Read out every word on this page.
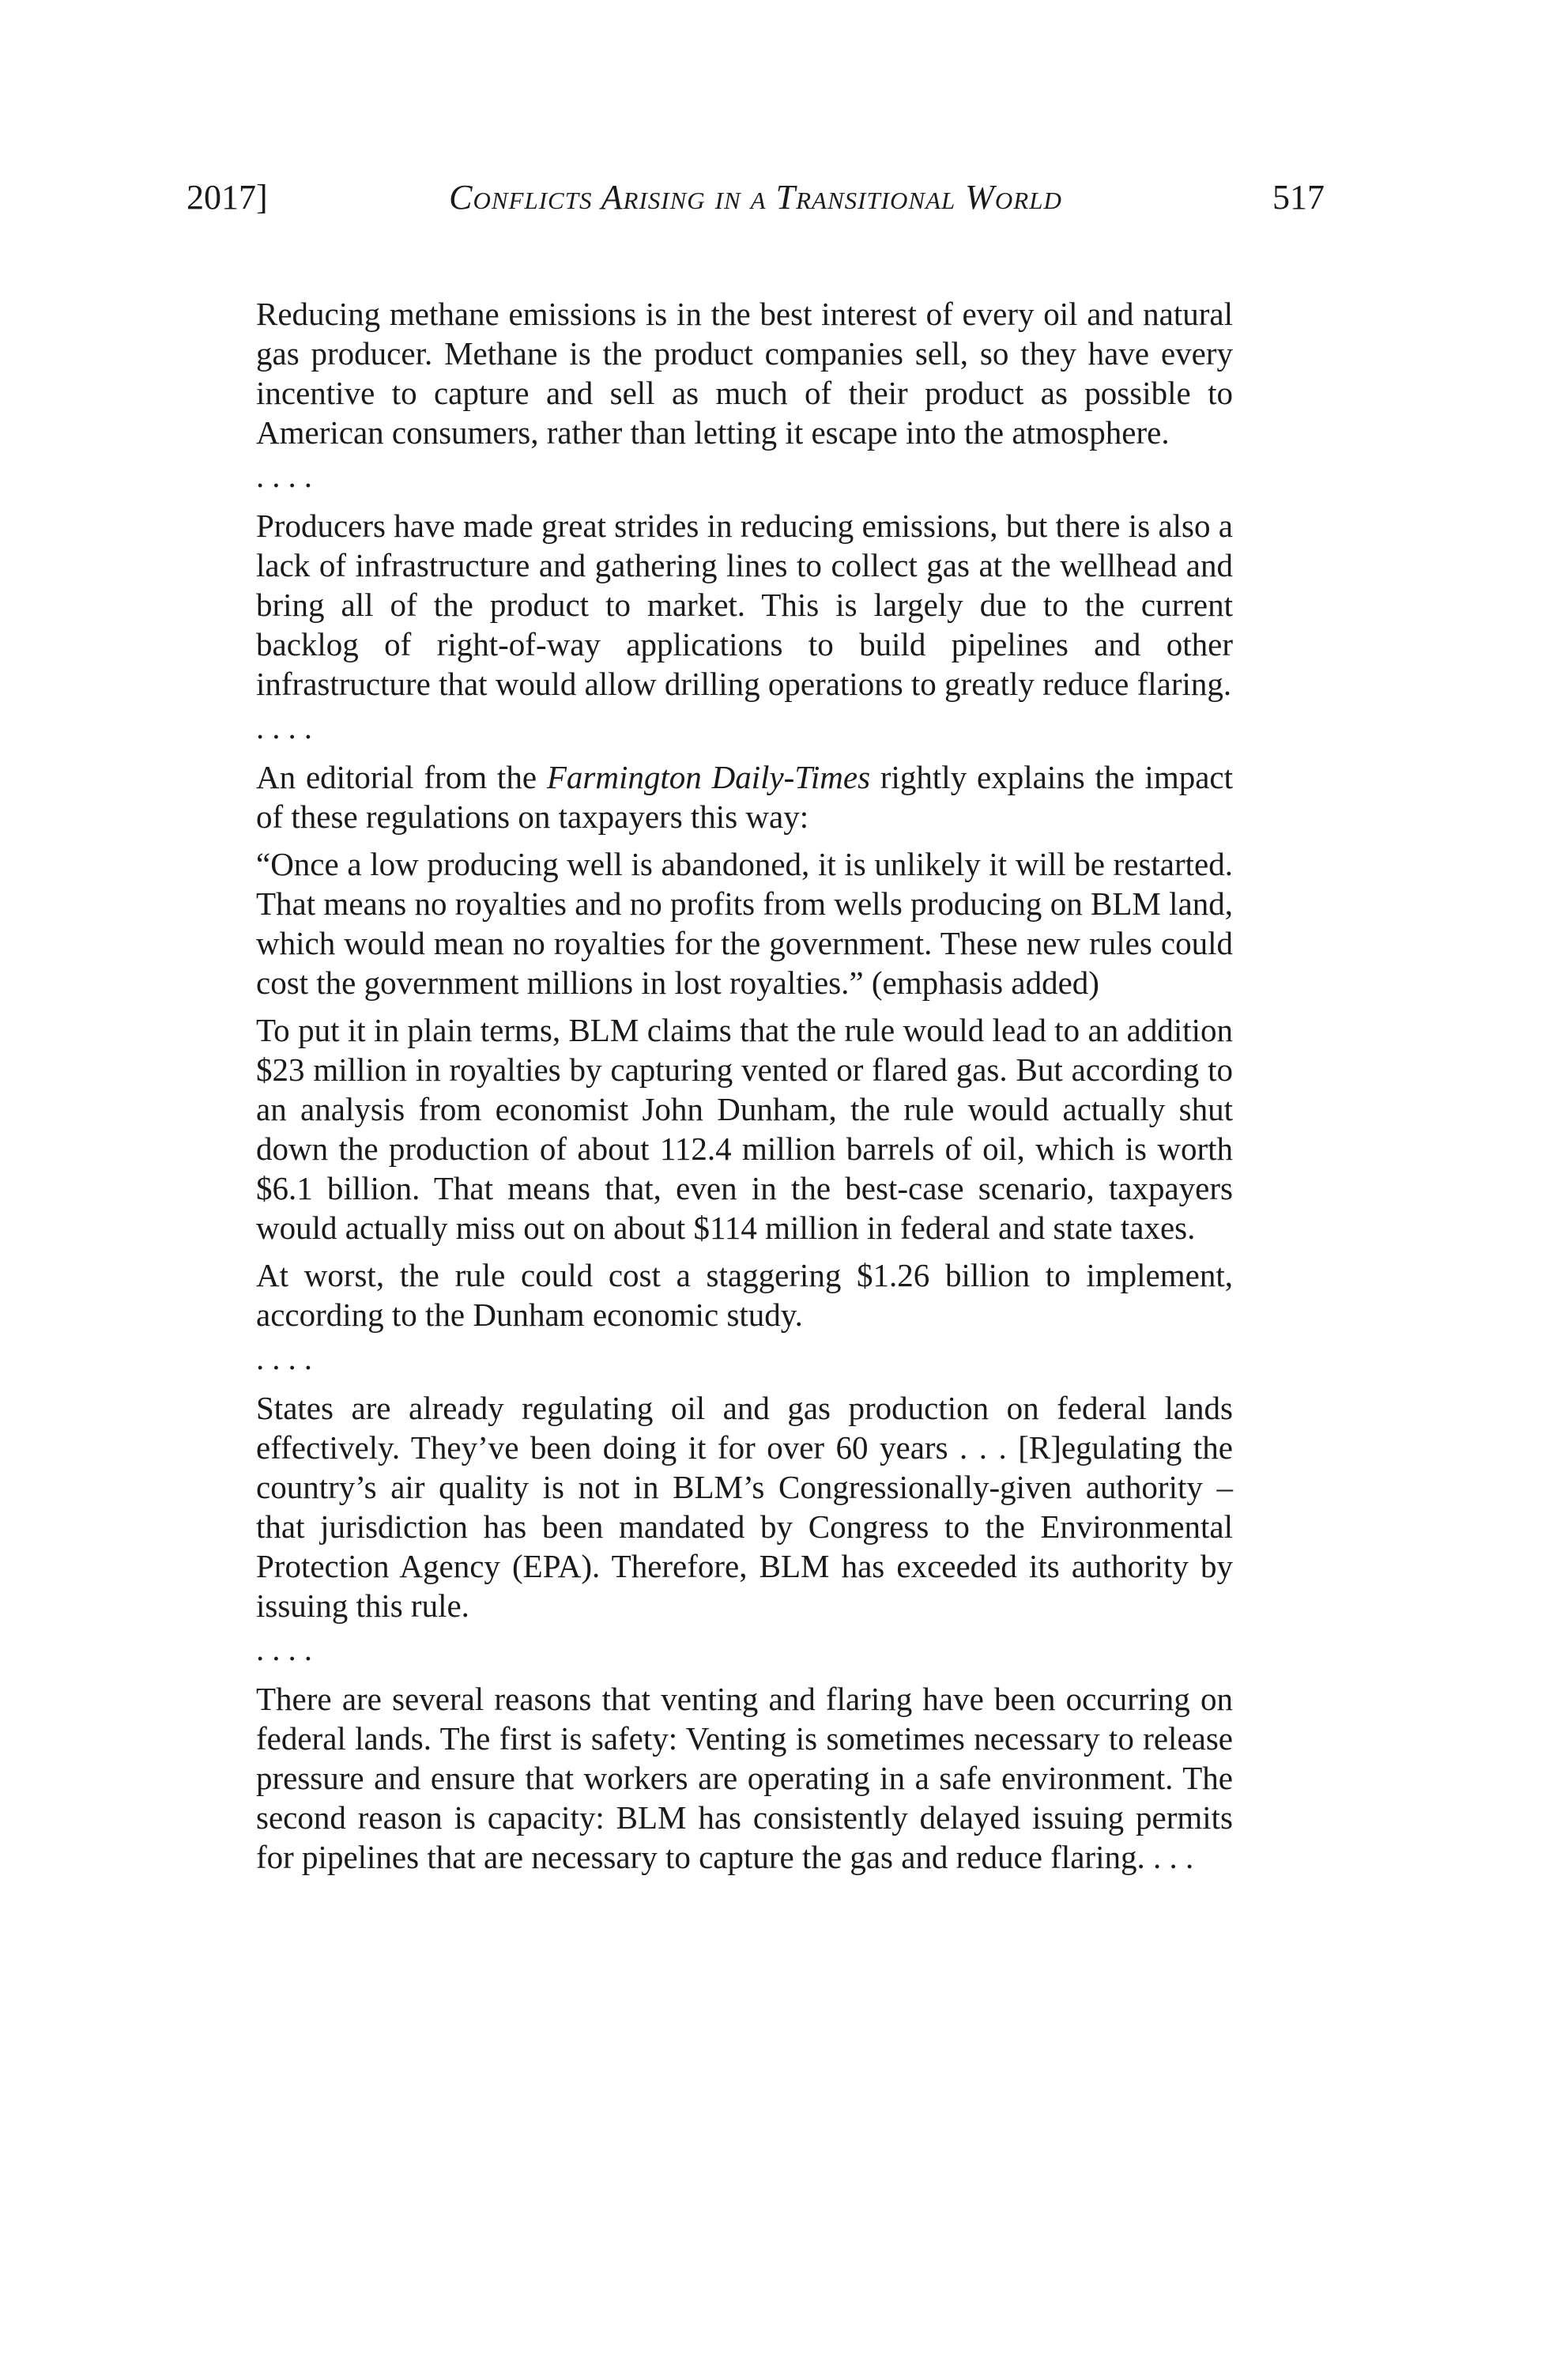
2017]	Conflicts Arising in a Transitional World	517

Reducing methane emissions is in the best interest of every oil and natural gas producer. Methane is the product companies sell, so they have every incentive to capture and sell as much of their product as possible to American consumers, rather than letting it escape into the atmosphere.

....

Producers have made great strides in reducing emissions, but there is also a lack of infrastructure and gathering lines to collect gas at the wellhead and bring all of the product to market. This is largely due to the current backlog of right-of-way applications to build pipelines and other infrastructure that would allow drilling operations to greatly reduce flaring.

....

An editorial from the Farmington Daily-Times rightly explains the impact of these regulations on taxpayers this way:

“Once a low producing well is abandoned, it is unlikely it will be restarted. That means no royalties and no profits from wells producing on BLM land, which would mean no royalties for the government. These new rules could cost the government millions in lost royalties.” (emphasis added)

To put it in plain terms, BLM claims that the rule would lead to an addition $23 million in royalties by capturing vented or flared gas. But according to an analysis from economist John Dunham, the rule would actually shut down the production of about 112.4 million barrels of oil, which is worth $6.1 billion. That means that, even in the best-case scenario, taxpayers would actually miss out on about $114 million in federal and state taxes.

At worst, the rule could cost a staggering $1.26 billion to implement, according to the Dunham economic study.

....

States are already regulating oil and gas production on federal lands effectively. They’ve been doing it for over 60 years . . . [R]egulating the country’s air quality is not in BLM’s Congressionally-given authority – that jurisdiction has been mandated by Congress to the Environmental Protection Agency (EPA). Therefore, BLM has exceeded its authority by issuing this rule.

....

There are several reasons that venting and flaring have been occurring on federal lands. The first is safety: Venting is sometimes necessary to release pressure and ensure that workers are operating in a safe environment. The second reason is capacity: BLM has consistently delayed issuing permits for pipelines that are necessary to capture the gas and reduce flaring. . . .
